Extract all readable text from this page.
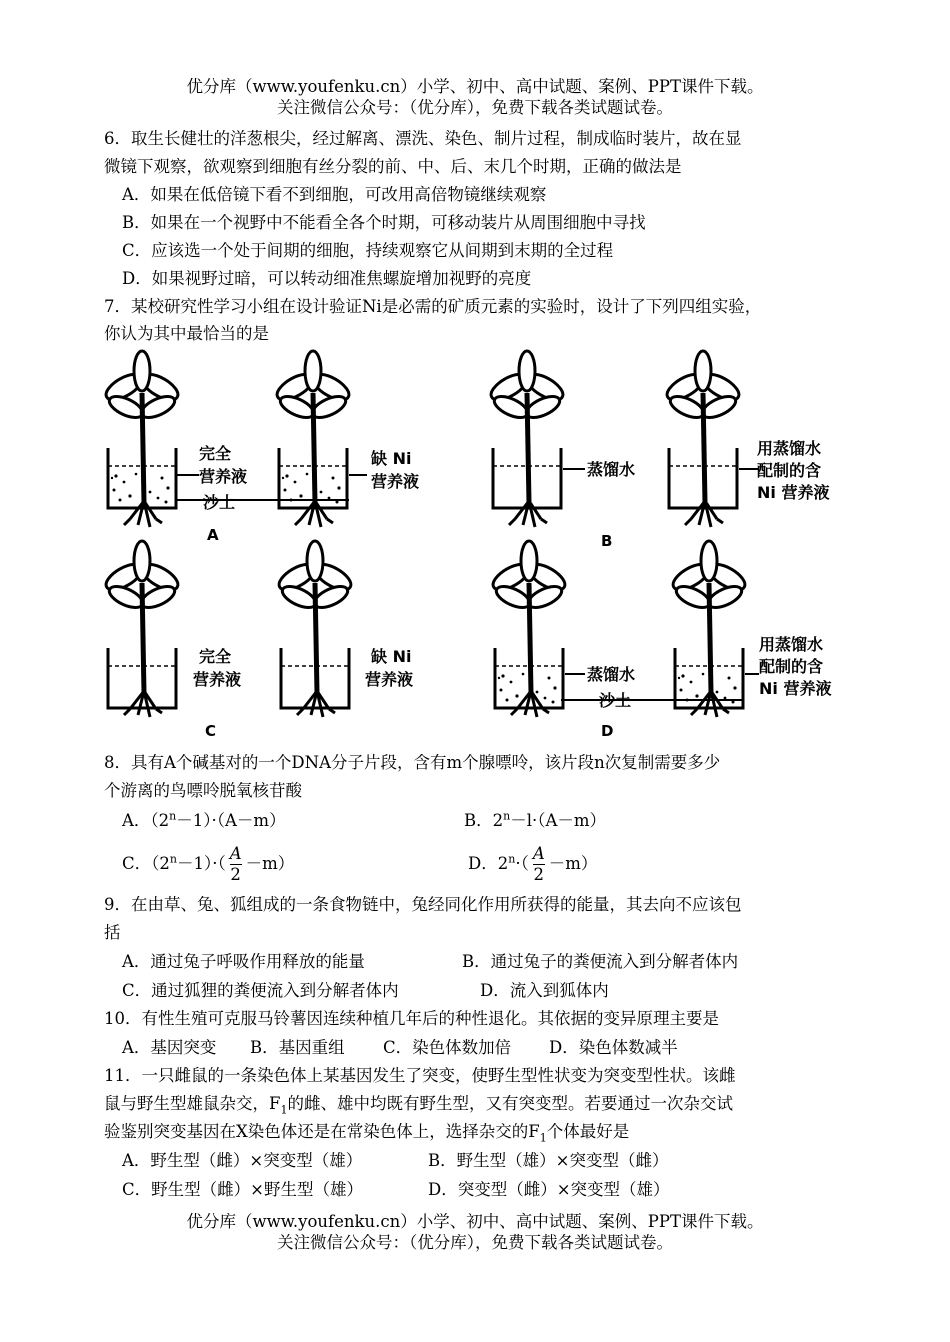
优分库（www.youfenku.cn）小学、初中、高中试题、案例、PPT课件下载。
关注微信公众号：（优分库），免费下载各类试题试卷。
6．取生长健壮的洋葱根尖，经过解离、漂洗、染色、制片过程，制成临时装片，故在显
微镜下观察，欲观察到细胞有丝分裂的前、中、后、末几个时期，正确的做法是
A．如果在低倍镜下看不到细胞，可改用高倍物镜继续观察
B．如果在一个视野中不能看全各个时期，可移动装片从周围细胞中寻找
C．应该选一个处于间期的细胞，持续观察它从间期到末期的全过程
D．如果视野过暗，可以转动细准焦螺旋增加视野的亮度
7．某校研究性学习小组在设计验证Ni是必需的矿质元素的实验时，设计了下列四组实验，
你认为其中最恰当的是
完全
营养液
沙土
缺 Ni
营养液
A
蒸馏水
用蒸馏水
配制的含
Ni 营养液
B
完全
营养液
缺 Ni
营养液
C
蒸馏水
沙土
用蒸馏水
配制的含
Ni 营养液
D
8．具有A个碱基对的一个DNA分子片段，含有m个腺嘌呤，该片段n次复制需要多少
个游离的鸟嘌呤脱氧核苷酸
A．$(2^n-1)\cdot(A-m)$	B．$2^n-l\cdot(A-m)$
C．$(2^n-1)\cdot( \frac{A}{2} -m)$	D．$2^n\cdot( \frac{A}{2} -m)$
9．在由草、兔、狐组成的一条食物链中，兔经同化作用所获得的能量，其去向不应该包
括
A．通过兔子呼吸作用释放的能量	B．通过兔子的粪便流入到分解者体内
C．通过狐狸的粪便流入到分解者体内	D．流入到狐体内
10．有性生殖可克服马铃薯因连续种植几年后的种性退化。其依据的变异原理主要是
A．基因突变 B．基因重组 C．染色体数加倍 D．染色体数减半
11．一只雌鼠的一条染色体上某基因发生了突变，使野生型性状变为突变型性状。该雌
鼠与野生型雄鼠杂交，$F_1$的雌、雄中均既有野生型，又有突变型。若要通过一次杂交试
验鉴别突变基因在X染色体还是在常染色体上，选择杂交的$F_1$个体最好是
A．野生型（雌）×突变型（雄）	B．野生型（雄）×突变型（雌）
C．野生型（雌）×野生型（雄）	D．突变型（雌）×突变型（雄）
优分库（www.youfenku.cn）小学、初中、高中试题、案例、PPT课件下载。
关注微信公众号：（优分库），免费下载各类试题试卷。
